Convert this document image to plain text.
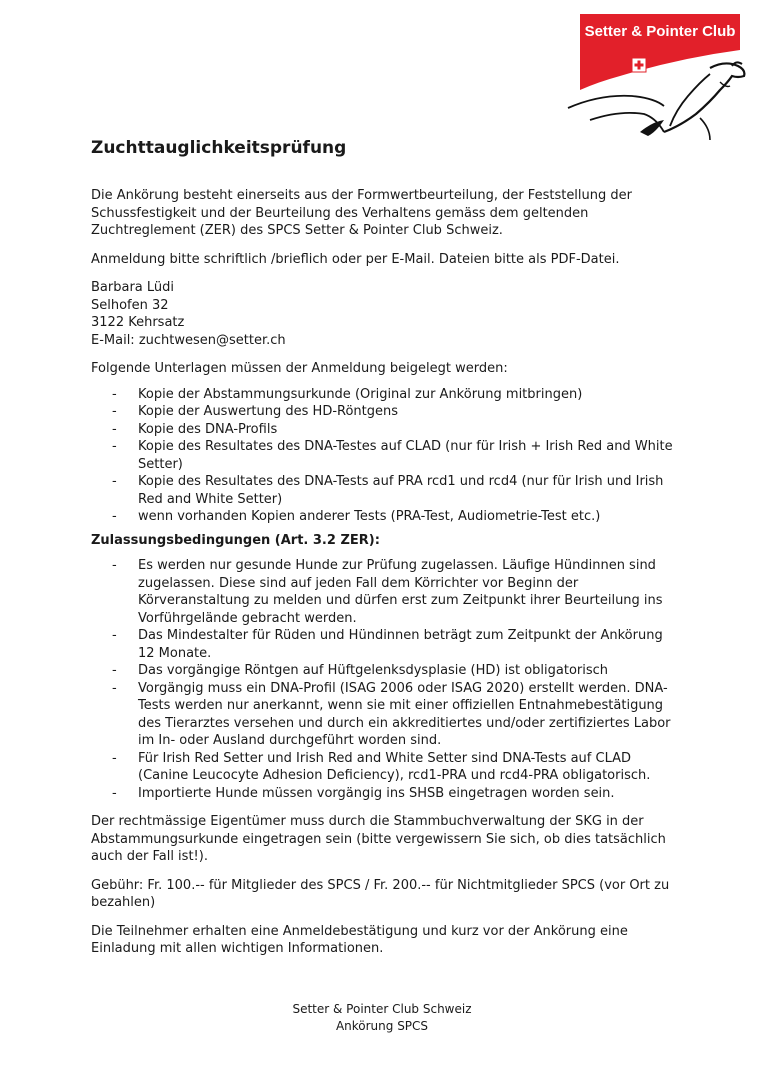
Setter & Pointer Club
Zuchttauglichkeitsprüfung

Die Ankörung besteht einerseits aus der Formwertbeurteilung, der Feststellung der Schussfestigkeit und der Beurteilung des Verhaltens gemäss dem geltenden Zuchtreglement (ZER) des SPCS Setter & Pointer Club Schweiz.

Anmeldung bitte schriftlich /brieflich oder per E-Mail. Dateien bitte als PDF-Datei.

Barbara Lüdi

Selhofen 32

3122 Kehrsatz

E-Mail: zuchtwesen@setter.ch

Folgende Unterlagen müssen der Anmeldung beigelegt werden:

- Kopie der Abstammungsurkunde (Original zur Ankörung mitbringen)
- Kopie der Auswertung des HD-Röntgens
- Kopie des DNA-Profils
- Kopie des Resultates des DNA-Testes auf CLAD (nur für Irish + Irish Red and White Setter)
- Kopie des Resultates des DNA-Tests auf PRA rcd1 und rcd4 (nur für Irish und Irish Red and White Setter)
- wenn vorhanden Kopien anderer Tests (PRA-Test, Audiometrie-Test etc.)

Zulassungsbedingungen (Art. 3.2 ZER):

- Es werden nur gesunde Hunde zur Prüfung zugelassen. Läufige Hündinnen sind zugelassen. Diese sind auf jeden Fall dem Körrichter vor Beginn der Körveranstaltung zu melden und dürfen erst zum Zeitpunkt ihrer Beurteilung ins Vorführgelände gebracht werden.
- Das Mindestalter für Rüden und Hündinnen beträgt zum Zeitpunkt der Ankörung 12 Monate.
- Das vorgängige Röntgen auf Hüftgelenksdysplasie (HD) ist obligatorisch
- Vorgängig muss ein DNA-Profil (ISAG 2006 oder ISAG 2020) erstellt werden. DNA-Tests werden nur anerkannt, wenn sie mit einer offiziellen Entnahmebestätigung des Tierarztes versehen und durch ein akkreditiertes und/oder zertifiziertes Labor im In- oder Ausland durchgeführt worden sind.
- Für Irish Red Setter und Irish Red and White Setter sind DNA-Tests auf CLAD (Canine Leucocyte Adhesion Deficiency), rcd1-PRA und rcd4-PRA obligatorisch.
- Importierte Hunde müssen vorgängig ins SHSB eingetragen worden sein.

Der rechtmässige Eigentümer muss durch die Stammbuchverwaltung der SKG in der Abstammungsurkunde eingetragen sein (bitte vergewissern Sie sich, ob dies tatsächlich auch der Fall ist!).

Gebühr: Fr. 100.-- für Mitglieder des SPCS / Fr. 200.-- für Nichtmitglieder SPCS (vor Ort zu bezahlen)

Die Teilnehmer erhalten eine Anmeldebestätigung und kurz vor der Ankörung eine Einladung mit allen wichtigen Informationen.

Setter & Pointer Club Schweiz
Ankörung SPCS
